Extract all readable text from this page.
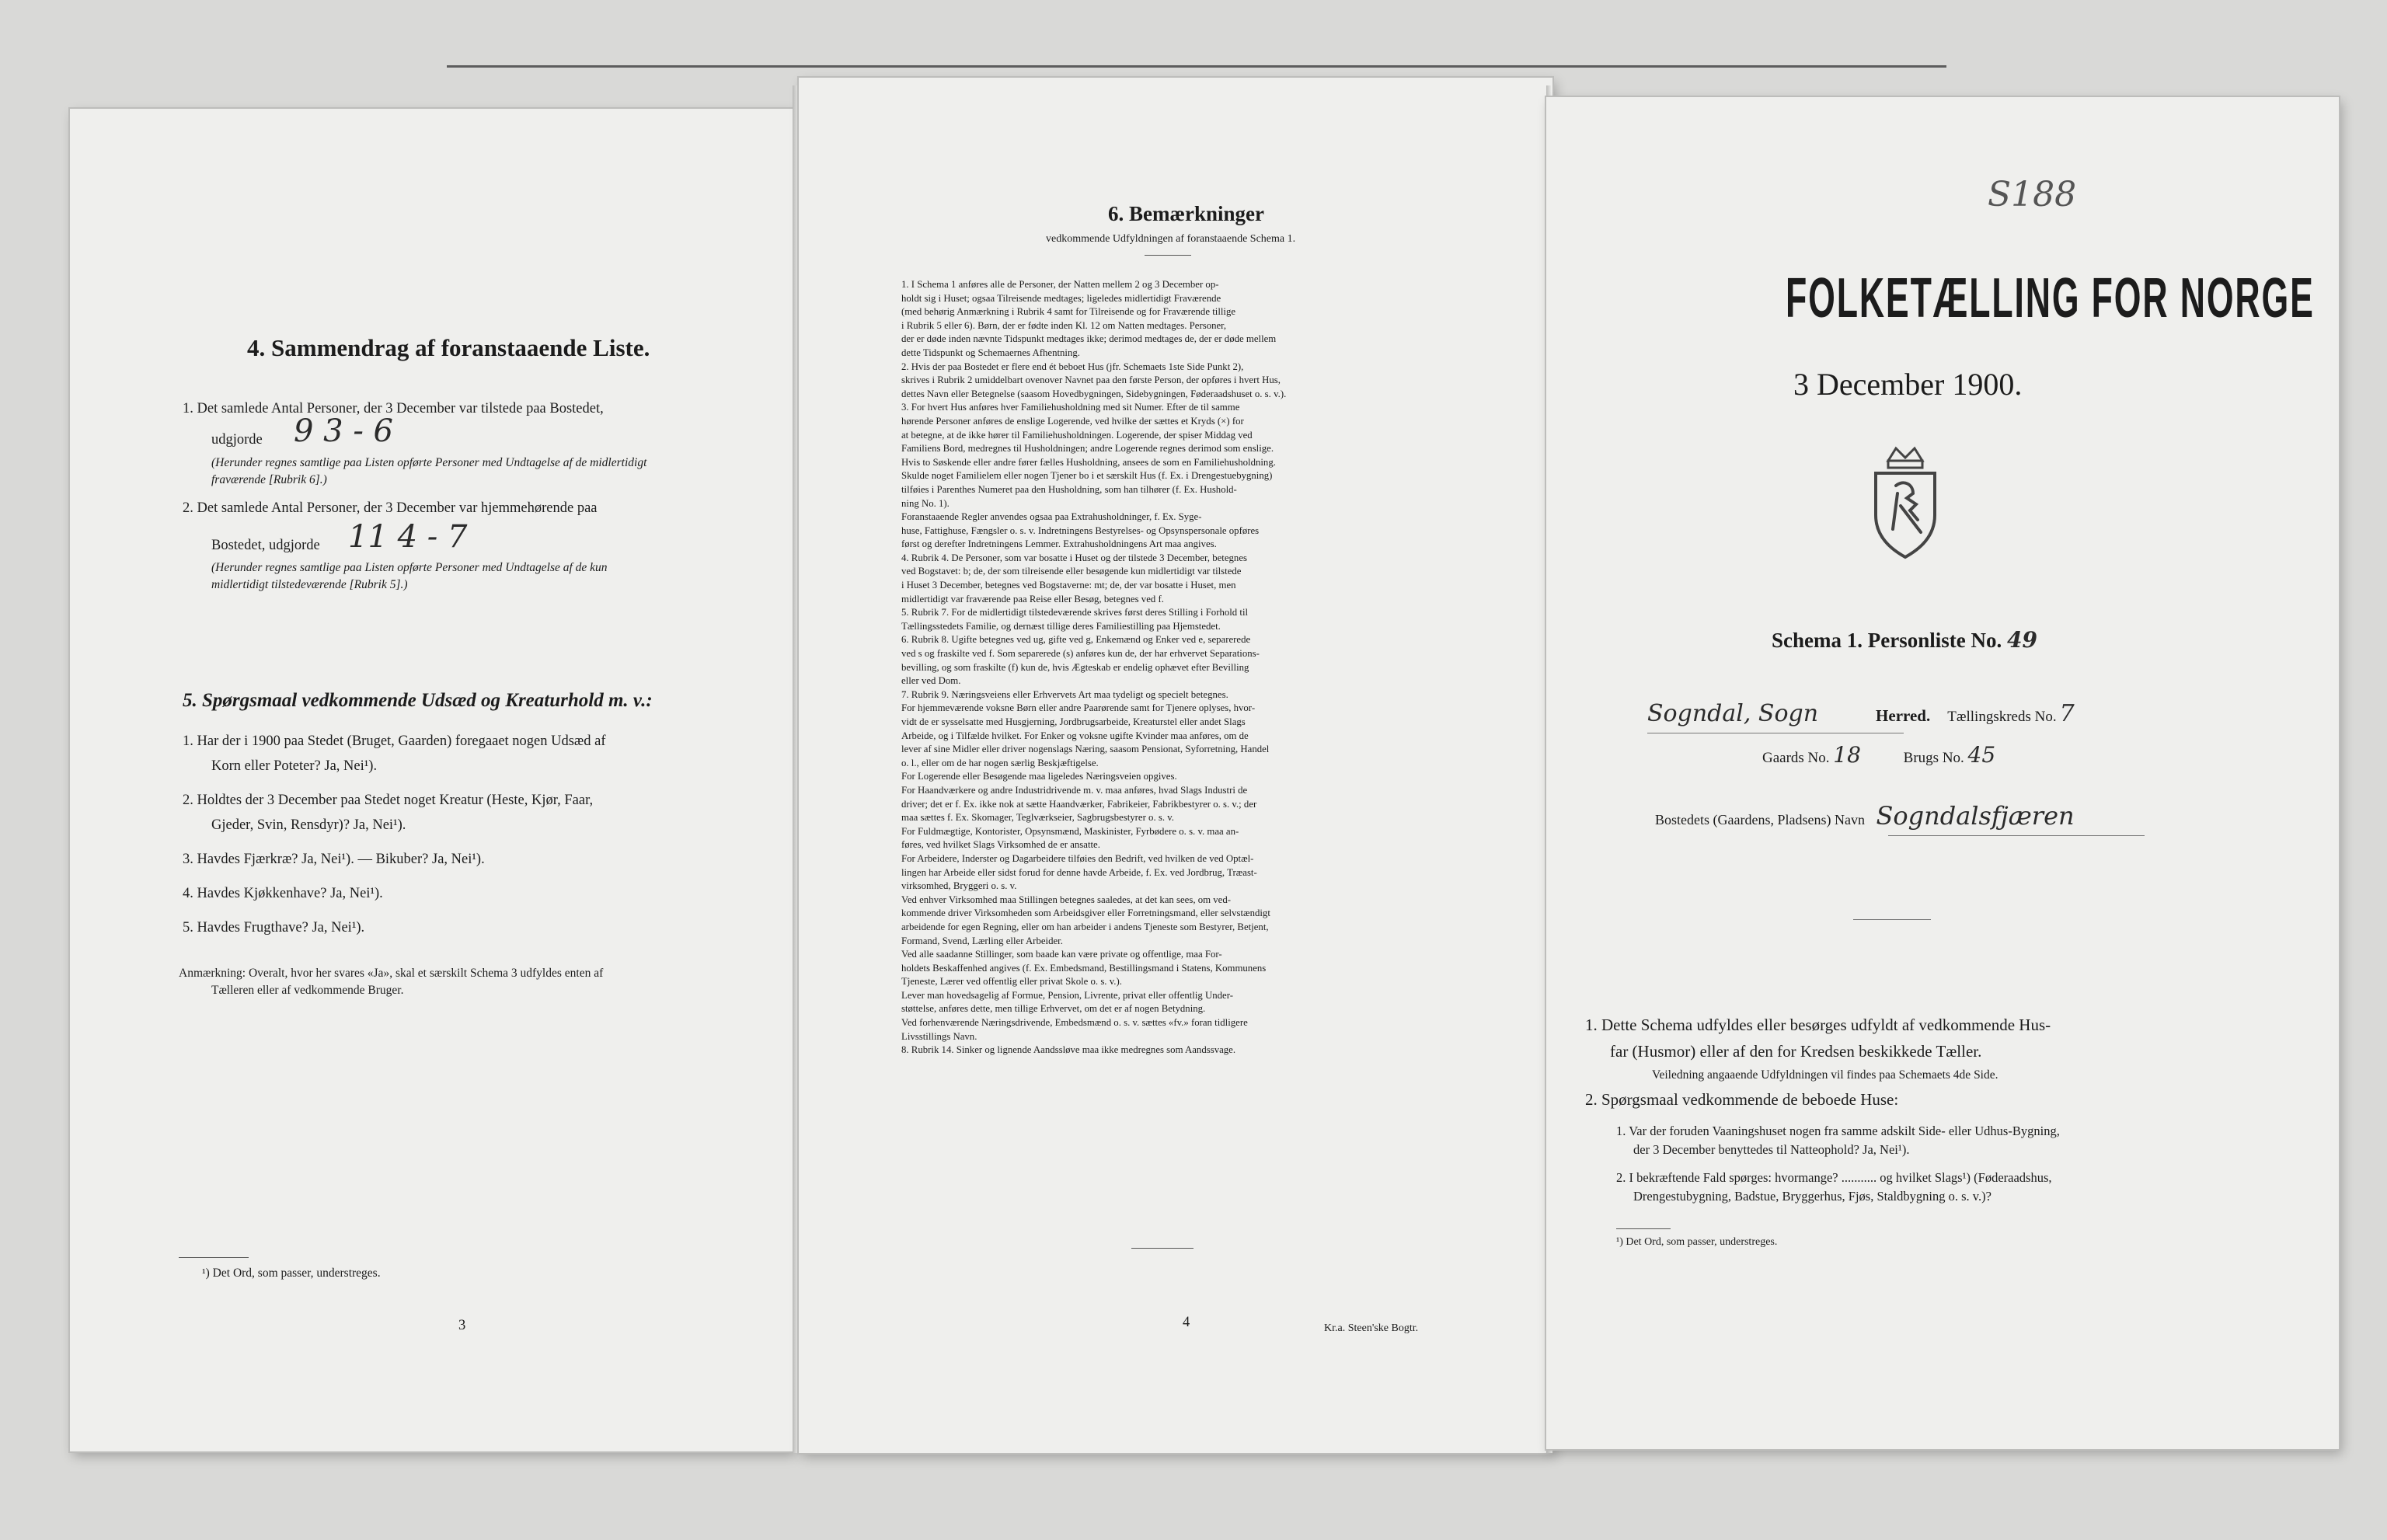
4. Sammendrag af foranstaaende Liste.
1. Det samlede Antal Personer, der 3 December var tilstede paa Bostedet,
udgjorde 9 3 - 6
(Herunder regnes samtlige paa Listen opførte Personer med Undtagelse af de midlertidigt
fraværende [Rubrik 6].)
2. Det samlede Antal Personer, der 3 December var hjemmehørende paa
Bostedet, udgjorde 11 4 - 7
(Herunder regnes samtlige paa Listen opførte Personer med Undtagelse af de kun
midlertidigt tilstedeværende [Rubrik 5].)
5. Spørgsmaal vedkommende Udsæd og Kreaturhold m. v.:
1. Har der i 1900 paa Stedet (Bruget, Gaarden) foregaaet nogen Udsæd af
Korn eller Poteter? Ja, Nei¹).
2. Holdtes der 3 December paa Stedet noget Kreatur (Heste, Kjør, Faar,
Gjeder, Svin, Rensdyr)? Ja, Nei¹).
3. Havdes Fjærkræ? Ja, Nei¹). — Bikuber? Ja, Nei¹).
4. Havdes Kjøkkenhave? Ja, Nei¹).
5. Havdes Frugthave? Ja, Nei¹).
Anmærkning: Overalt, hvor her svares «Ja», skal et særskilt Schema 3 udfyldes enten af
Tælleren eller af vedkommende Bruger.
¹) Det Ord, som passer, understreges.
3
6. Bemærkninger
vedkommende Udfyldningen af foranstaaende Schema 1.
1. I Schema 1 anføres alle de Personer, der Natten mellem 2 og 3 December op-
holdt sig i Huset; ogsaa Tilreisende medtages; ligeledes midlertidigt Fraværende
(med behørig Anmærkning i Rubrik 4 samt for Tilreisende og for Fraværende tillige
i Rubrik 5 eller 6). Børn, der er fødte inden Kl. 12 om Natten medtages. Personer,
der er døde inden nævnte Tidspunkt medtages ikke; derimod medtages de, der er døde mellem
dette Tidspunkt og Schemaernes Afhentning.
2. Hvis der paa Bostedet er flere end ét beboet Hus (jfr. Schemaets 1ste Side Punkt 2),
skrives i Rubrik 2 umiddelbart ovenover Navnet paa den første Person, der opføres i hvert Hus,
dettes Navn eller Betegnelse (saasom Hovedbygningen, Sidebygningen, Føderaadshuset o. s. v.).
3. For hvert Hus anføres hver Familiehusholdning med sit Numer. Efter de til samme
hørende Personer anføres de enslige Logerende, ved hvilke der sættes et Kryds (×) for
at betegne, at de ikke hører til Familiehusholdningen. Logerende, der spiser Middag ved
Familiens Bord, medregnes til Husholdningen; andre Logerende regnes derimod som enslige.
Hvis to Søskende eller andre fører fælles Husholdning, ansees de som en Familiehusholdning.
Skulde noget Familielem eller nogen Tjener bo i et særskilt Hus (f. Ex. i Drengestuebygning)
tilføies i Parenthes Numeret paa den Husholdning, som han tilhører (f. Ex. Hushold-
ning No. 1).
Foranstaaende Regler anvendes ogsaa paa Extrahusholdninger, f. Ex. Syge-
huse, Fattighuse, Fængsler o. s. v. Indretningens Bestyrelses- og Opsynspersonale opføres
først og derefter Indretningens Lemmer. Extrahusholdningens Art maa angives.
4. Rubrik 4. De Personer, som var bosatte i Huset og der tilstede 3 December, betegnes
ved Bogstavet: b; de, der som tilreisende eller besøgende kun midlertidigt var tilstede
i Huset 3 December, betegnes ved Bogstaverne: mt; de, der var bosatte i Huset, men
midlertidigt var fraværende paa Reise eller Besøg, betegnes ved f.
5. Rubrik 7. For de midlertidigt tilstedeværende skrives først deres Stilling i Forhold til
Tællingsstedets Familie, og dernæst tillige deres Familiestilling paa Hjemstedet.
6. Rubrik 8. Ugifte betegnes ved ug, gifte ved g, Enkemænd og Enker ved e, separerede
ved s og fraskilte ved f. Som separerede (s) anføres kun de, der har erhvervet Separations-
bevilling, og som fraskilte (f) kun de, hvis Ægteskab er endelig ophævet efter Bevilling
eller ved Dom.
7. Rubrik 9. Næringsveiens eller Erhvervets Art maa tydeligt og specielt betegnes.
For hjemmeværende voksne Børn eller andre Paarørende samt for Tjenere oplyses, hvor-
vidt de er sysselsatte med Husgjerning, Jordbrugsarbeide, Kreaturstel eller andet Slags
Arbeide, og i Tilfælde hvilket. For Enker og voksne ugifte Kvinder maa anføres, om de
lever af sine Midler eller driver nogenslags Næring, saasom Pensionat, Syforretning, Handel
o. l., eller om de har nogen særlig Beskjæftigelse.
For Logerende eller Besøgende maa ligeledes Næringsveien opgives.
For Haandværkere og andre Industridrivende m. v. maa anføres, hvad Slags Industri de
driver; det er f. Ex. ikke nok at sætte Haandværker, Fabrikeier, Fabrikbestyrer o. s. v.; der
maa sættes f. Ex. Skomager, Teglværkseier, Sagbrugsbestyrer o. s. v.
For Fuldmægtige, Kontorister, Opsynsmænd, Maskinister, Fyrbødere o. s. v. maa an-
føres, ved hvilket Slags Virksomhed de er ansatte.
For Arbeidere, Inderster og Dagarbeidere tilføies den Bedrift, ved hvilken de ved Optæl-
lingen har Arbeide eller sidst forud for denne havde Arbeide, f. Ex. ved Jordbrug, Træast-
virksomhed, Bryggeri o. s. v.
Ved enhver Virksomhed maa Stillingen betegnes saaledes, at det kan sees, om ved-
kommende driver Virksomheden som Arbeidsgiver eller Forretningsmand, eller selvstændigt
arbeidende for egen Regning, eller om han arbeider i andens Tjeneste som Bestyrer, Betjent,
Formand, Svend, Lærling eller Arbeider.
Ved alle saadanne Stillinger, som baade kan være private og offentlige, maa For-
holdets Beskaffenhed angives (f. Ex. Embedsmand, Bestillingsmand i Statens, Kommunens
Tjeneste, Lærer ved offentlig eller privat Skole o. s. v.).
Lever man hovedsagelig af Formue, Pension, Livrente, privat eller offentlig Under-
støttelse, anføres dette, men tillige Erhvervet, om det er af nogen Betydning.
Ved forhenværende Næringsdrivende, Embedsmænd o. s. v. sættes «fv.» foran tidligere
Livsstillings Navn.
8. Rubrik 14. Sinker og lignende Aandssløve maa ikke medregnes som Aandssvage.
4	Kr.a. Steen'ske Bogtr.
S188
FOLKETÆLLING FOR NORGE
3 December 1900.
Schema 1. Personliste No. 49
Sogndal, Sogn	Herred. Tællingskreds No. 7
Gaards No. 18	Brugs No. 45
Bostedets (Gaardens, Pladsens) Navn Sogndalsfjæren
1. Dette Schema udfyldes eller besørges udfyldt af vedkommende Hus-
far (Husmor) eller af den for Kredsen beskikkede Tæller.
Veiledning angaaende Udfyldningen vil findes paa Schemaets 4de Side.
2. Spørgsmaal vedkommende de beboede Huse:
1. Var der foruden Vaaningshuset nogen fra samme adskilt Side- eller Udhus-Bygning,
der 3 December benyttedes til Natteophold? Ja, Nei¹).
2. I bekræftende Fald spørges: hvormange? ........... og hvilket Slags¹) (Føderaadshus,
Drengestubygning, Badstue, Bryggerhus, Fjøs, Staldbygning o. s. v.)?
¹) Det Ord, som passer, understreges.
